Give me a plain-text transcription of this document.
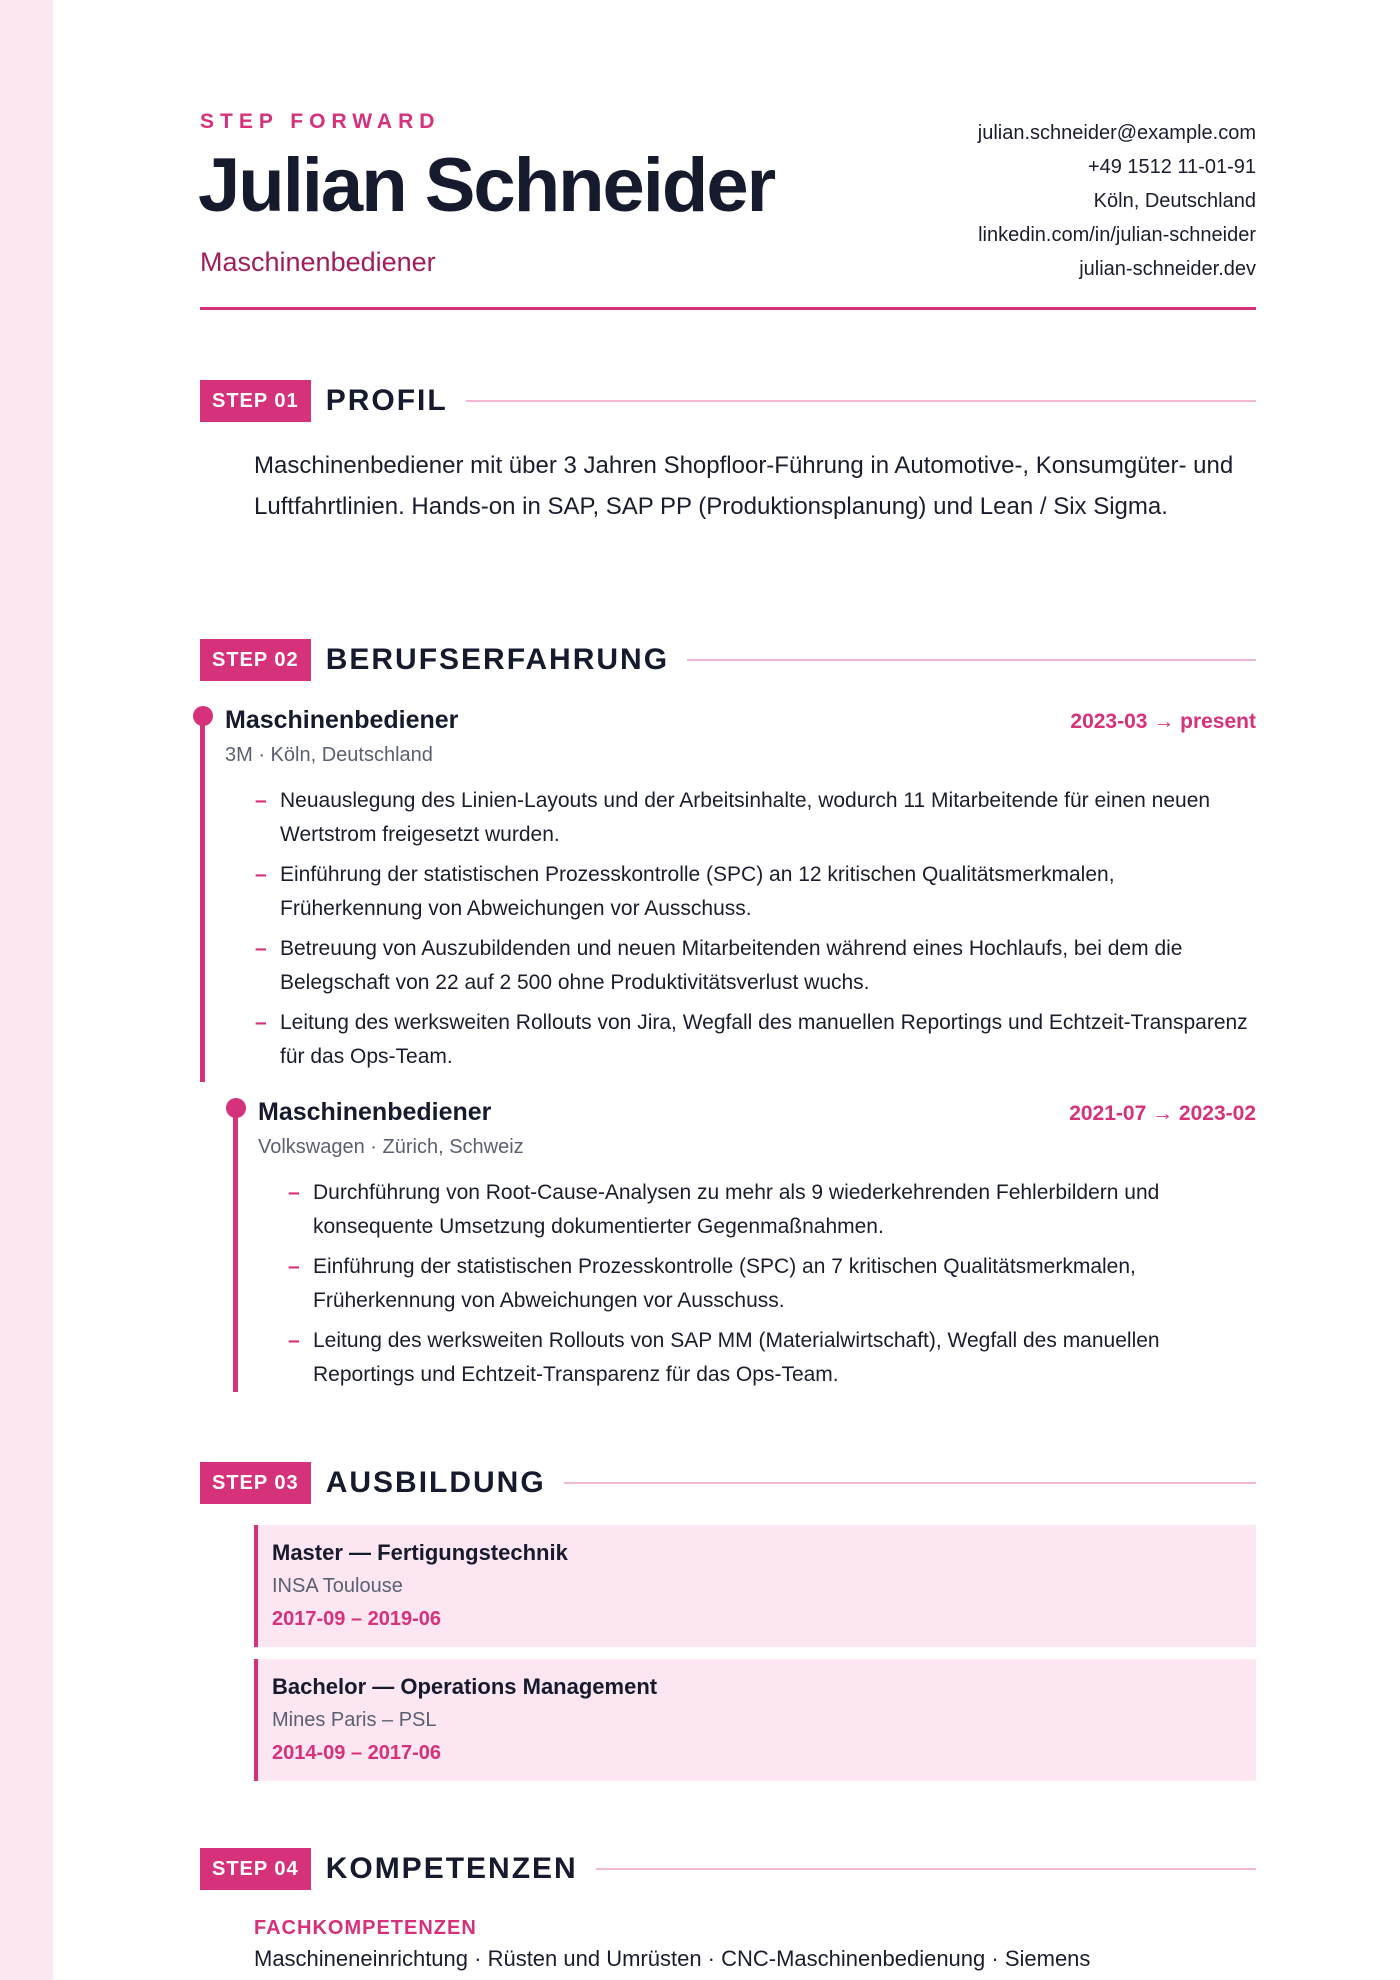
STEP FORWARD
Julian Schneider
Maschinenbediener
julian.schneider@example.com
+49 1512 11-01-91
Köln, Deutschland
linkedin.com/in/julian-schneider
julian-schneider.dev
STEP 01 PROFIL
Maschinenbediener mit über 3 Jahren Shopfloor-Führung in Automotive-, Konsumgüter- und Luftfahrtlinien. Hands-on in SAP, SAP PP (Produktionsplanung) und Lean / Six Sigma.
STEP 02 BERUFSERFAHRUNG
Maschinenbediener	2023-03 → present
3M · Köln, Deutschland
– Neuauslegung des Linien-Layouts und der Arbeitsinhalte, wodurch 11 Mitarbeitende für einen neuen Wertstrom freigesetzt wurden.
– Einführung der statistischen Prozesskontrolle (SPC) an 12 kritischen Qualitätsmerkmalen, Früherkennung von Abweichungen vor Ausschuss.
– Betreuung von Auszubildenden und neuen Mitarbeitenden während eines Hochlaufs, bei dem die Belegschaft von 22 auf 2 500 ohne Produktivitätsverlust wuchs.
– Leitung des werksweiten Rollouts von Jira, Wegfall des manuellen Reportings und Echtzeit-Transparenz für das Ops-Team.
Maschinenbediener	2021-07 → 2023-02
Volkswagen · Zürich, Schweiz
– Durchführung von Root-Cause-Analysen zu mehr als 9 wiederkehrenden Fehlerbildern und konsequente Umsetzung dokumentierter Gegenmaßnahmen.
– Einführung der statistischen Prozesskontrolle (SPC) an 7 kritischen Qualitätsmerkmalen, Früherkennung von Abweichungen vor Ausschuss.
– Leitung des werksweiten Rollouts von SAP MM (Materialwirtschaft), Wegfall des manuellen Reportings und Echtzeit-Transparenz für das Ops-Team.
STEP 03 AUSBILDUNG
Master — Fertigungstechnik
INSA Toulouse
2017-09 – 2019-06
Bachelor — Operations Management
Mines Paris – PSL
2014-09 – 2017-06
STEP 04 KOMPETENZEN
FACHKOMPETENZEN
Maschineneinrichtung · Rüsten und Umrüsten · CNC-Maschinenbedienung · Siemens
